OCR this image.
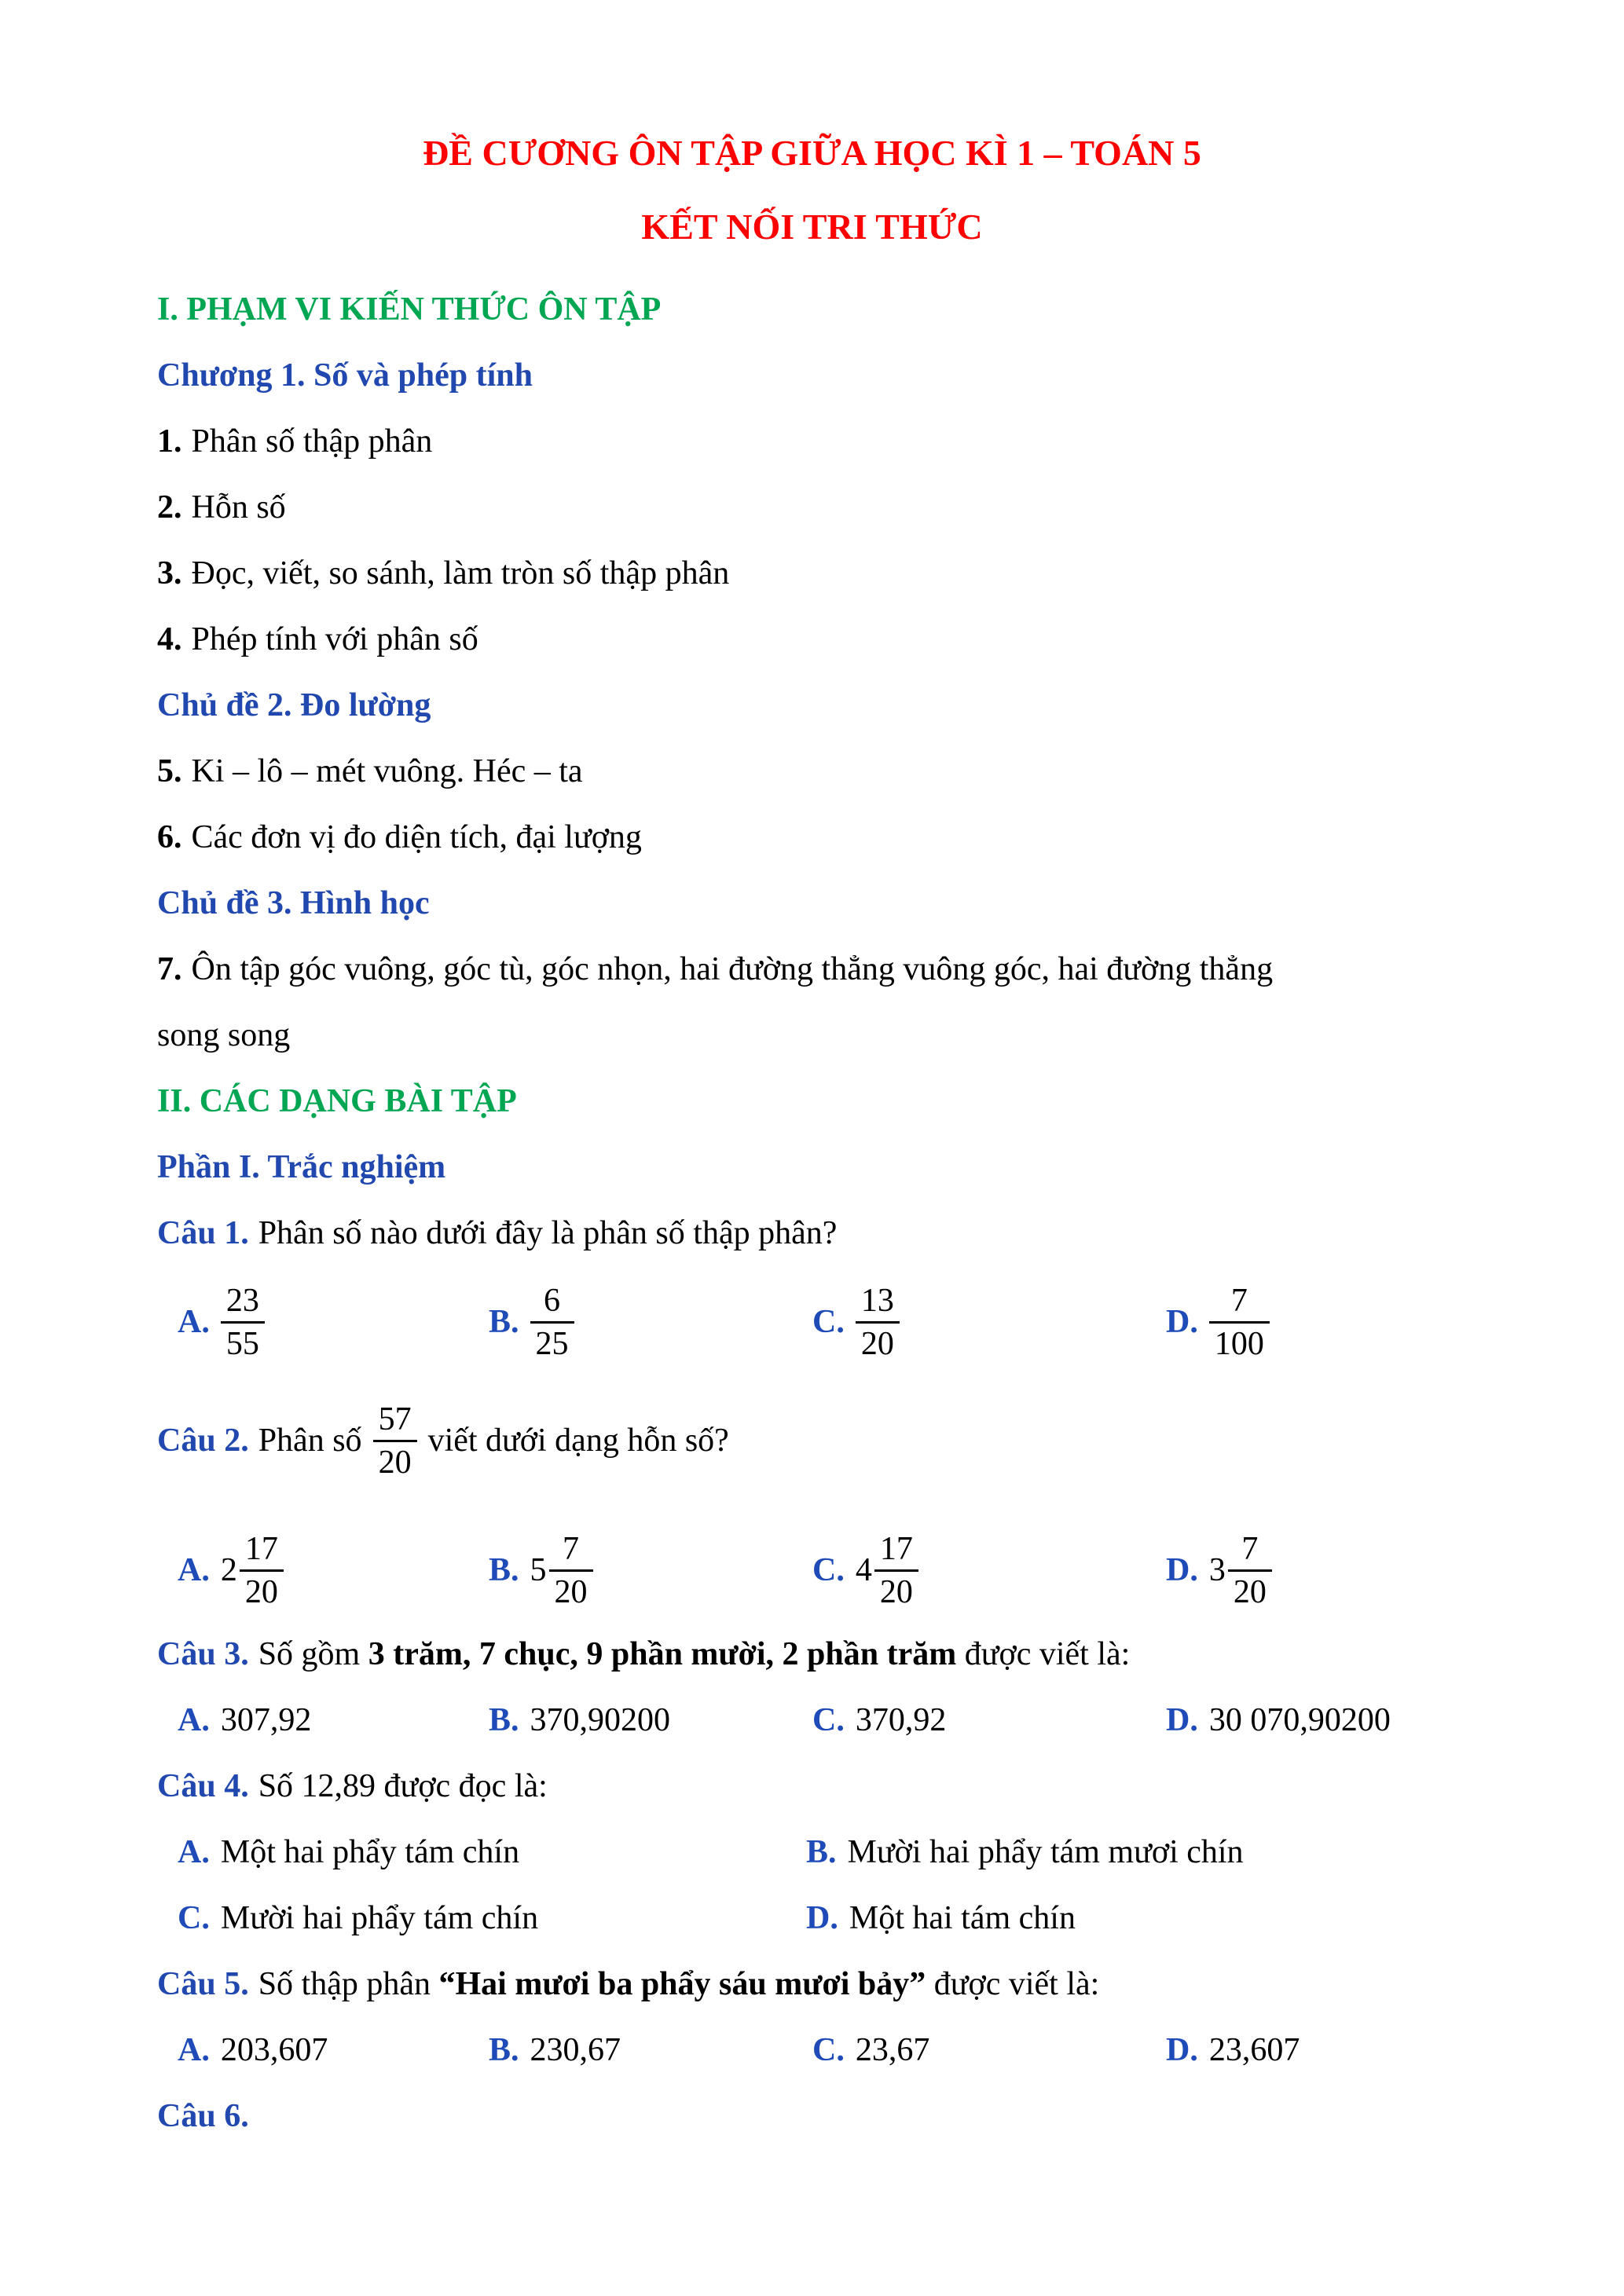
ĐỀ CƯƠNG ÔN TẬP GIỮA HỌC KÌ 1 – TOÁN 5
KẾT NỐI TRI THỨC
I. PHẠM VI KIẾN THỨC ÔN TẬP
Chương 1. Số và phép tính
1. Phân số thập phân
2. Hỗn số
3. Đọc, viết, so sánh, làm tròn số thập phân
4. Phép tính với phân số
Chủ đề 2. Đo lường
5. Ki – lô – mét vuông. Héc – ta
6. Các đơn vị đo diện tích, đại lượng
Chủ đề 3. Hình học
7. Ôn tập góc vuông, góc tù, góc nhọn, hai đường thẳng vuông góc, hai đường thẳng
song song
II. CÁC DẠNG BÀI TẬP
Phần I. Trắc nghiệm
Câu 1. Phân số nào dưới đây là phân số thập phân?
A. $\frac{23}{55}$	B. $\frac{6}{25}$	C. $\frac{13}{20}$	D. $\frac{7}{100}$
Câu 2. Phân số $\frac{57}{20}$ viết dưới dạng hỗn số?
A. $2 \frac{17}{20}$	B. $5 \frac{7}{20}$	C. $4 \frac{17}{20}$	D. $3 \frac{7}{20}$
Câu 3. Số gồm 3 trăm, 7 chục, 9 phần mười, 2 phần trăm được viết là:
A. 307,92	B. 370,90200	C. 370,92	D. 30 070,90200
Câu 4. Số 12,89 được đọc là:
A. Một hai phẩy tám chín	B. Mười hai phẩy tám mươi chín
C. Mười hai phẩy tám chín	D. Một hai tám chín
Câu 5. Số thập phân “Hai mươi ba phẩy sáu mươi bảy” được viết là:
A. 203,607	B. 230,67	C. 23,67	D. 23,607
Câu 6.
